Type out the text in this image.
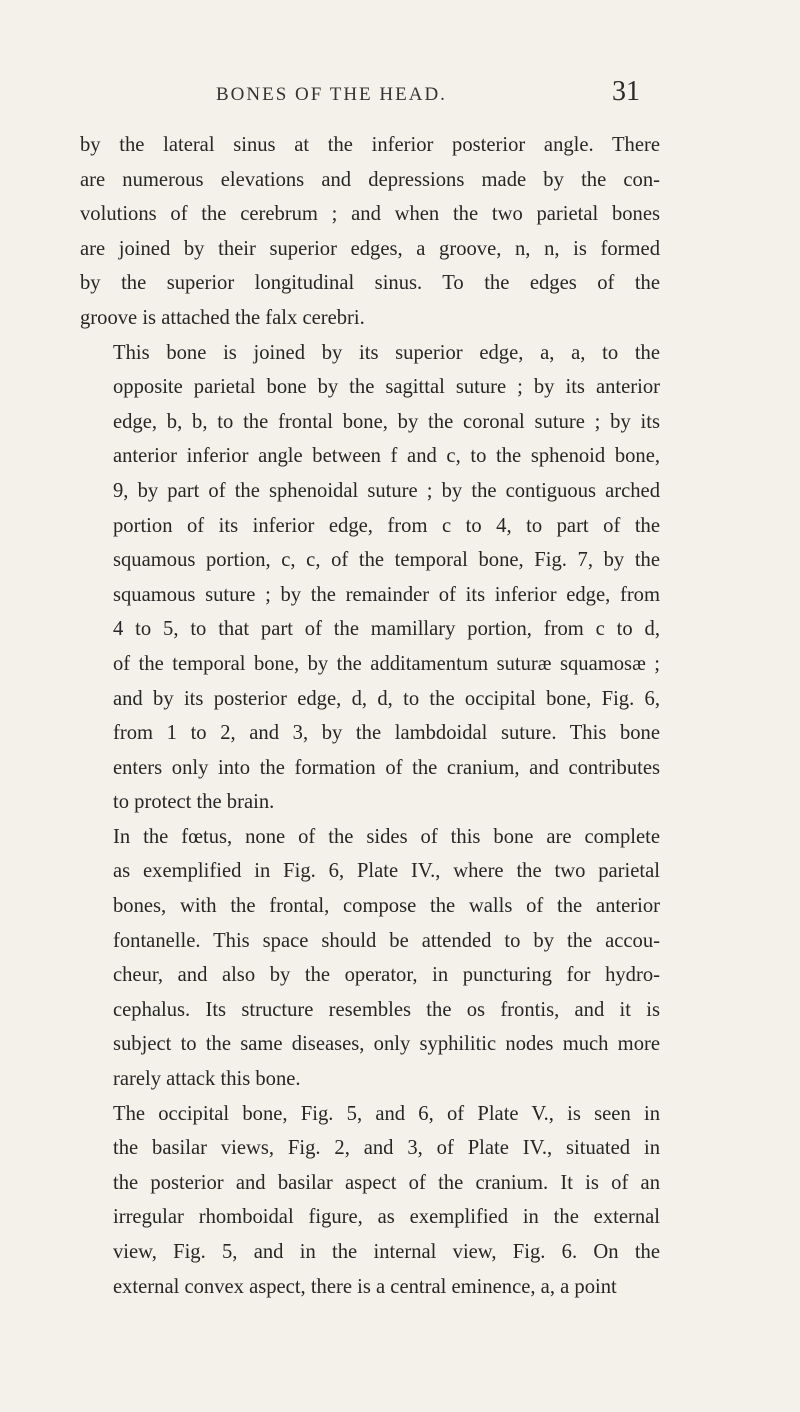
BONES OF THE HEAD.	31

by the lateral sinus at the inferior posterior angle. There
are numerous elevations and depressions made by the con-
volutions of the cerebrum ; and when the two parietal bones
are joined by their superior edges, a groove, n, n, is formed
by the superior longitudinal sinus. To the edges of the
groove is attached the falx cerebri.

This bone is joined by its superior edge, a, a, to the
opposite parietal bone by the sagittal suture ; by its anterior
edge, b, b, to the frontal bone, by the coronal suture ; by its
anterior inferior angle between f and c, to the sphenoid bone,
9, by part of the sphenoidal suture ; by the contiguous arched
portion of its inferior edge, from c to 4, to part of the
squamous portion, c, c, of the temporal bone, Fig. 7, by the
squamous suture ; by the remainder of its inferior edge, from
4 to 5, to that part of the mamillary portion, from c to d,
of the temporal bone, by the additamentum suturæ squamosæ ;
and by its posterior edge, d, d, to the occipital bone, Fig. 6,
from 1 to 2, and 3, by the lambdoidal suture. This bone
enters only into the formation of the cranium, and contributes
to protect the brain.

In the fœtus, none of the sides of this bone are complete
as exemplified in Fig. 6, Plate IV., where the two parietal
bones, with the frontal, compose the walls of the anterior
fontanelle. This space should be attended to by the accou-
cheur, and also by the operator, in puncturing for hydro-
cephalus. Its structure resembles the os frontis, and it is
subject to the same diseases, only syphilitic nodes much more
rarely attack this bone.

The occipital bone, Fig. 5, and 6, of Plate V., is seen in
the basilar views, Fig. 2, and 3, of Plate IV., situated in
the posterior and basilar aspect of the cranium. It is of an
irregular rhomboidal figure, as exemplified in the external
view, Fig. 5, and in the internal view, Fig. 6. On the
external convex aspect, there is a central eminence, a, a point
